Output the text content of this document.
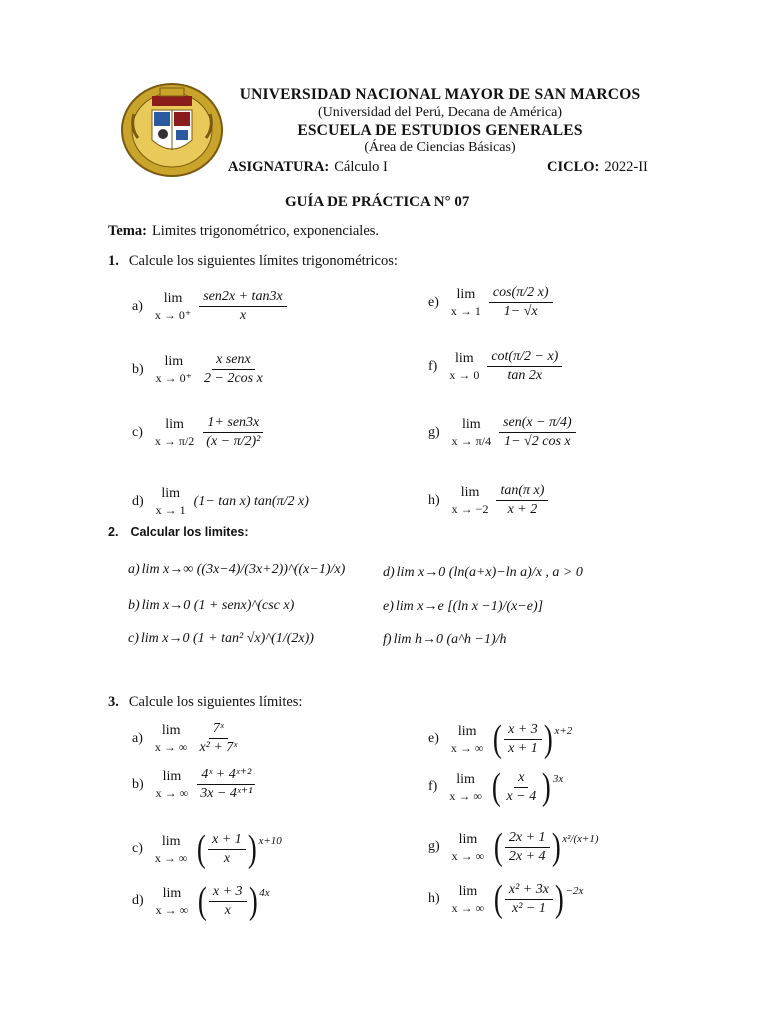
UNIVERSIDAD NACIONAL MAYOR DE SAN MARCOS
(Universidad del Perú, Decana de América)
ESCUELA DE ESTUDIOS GENERALES
(Área de Ciencias Básicas)
ASIGNATURA: Cálculo I	CICLO: 2022-II
GUÍA DE PRÁCTICA N° 07
Tema: Limites trigonométrico, exponenciales.
1. Calcule los siguientes límites trigonométricos:
a) lim
$x \to 0^+ \frac{\text{sen2x + tan3x}}{x}$
b) lim
$x \to 0^+ \frac{\text{x senx}}{\text{2 − 2cos x}}$
c) lim
$x \to \pi/2 \frac{\text{1+ sen3x}}{\text{(x − π/2)²}}$
d) lim
x → 1
(1− tan x) tan(π/2 x)
e) lim
$x \to 1 \frac{\cos(\pi/2 x)}{1- √x}$
f) lim
$x \to 0 \frac{\cot(\pi/2 - x)}{\tan 2x}$
g) lim
$x \to \pi/4 \frac{\text{sen(x − π/4)}}{\text{1− √2 cos x}}$
h) lim
$x \to -2 \frac{\text{tan(π x)}}{x + 2}$
2. Calcular los limites:
a) lim x→∞ ((3x−4)/(3x+2))^((x−1)/x)
b) lim x→0 (1 + senx)^(csc x)
c) lim x→0 (1 + tan² √x)^(1/(2x))
d) lim x→0 (ln(a+x)−ln a)/x , a > 0
e) lim x→e [(ln x −1)/(x−e)]
f) lim h→0 (a^h −1)/h
3. Calcule los siguientes límites:
a) lim
x → ∞ $\frac{\text{7ˣ}}{\text{x² + 7ˣ}}$
b) lim
x → ∞ $\frac{\text{4ˣ + 4ˣ⁺²}}{\text{3x − 4ˣ⁺¹}}$
c) lim
x → ∞ ( $\frac{x + 1}{x}$ ) x+10
d) lim
x → ∞ ( $\frac{x + 3}{x}$ ) 4x
e) lim
x → ∞ ( $\frac{x + 3}{x + 1}$ ) x+2
f) lim
x → ∞ ( $\frac{x}{x - 4}$ ) 3x
g) lim
x → ∞ ( $\frac{2x + 1}{2x + 4}$ ) x²/(x+1)
h) lim
x → ∞ ( $\frac{\text{x² + 3x}}{\text{x² − 1}}$ ) −2x
